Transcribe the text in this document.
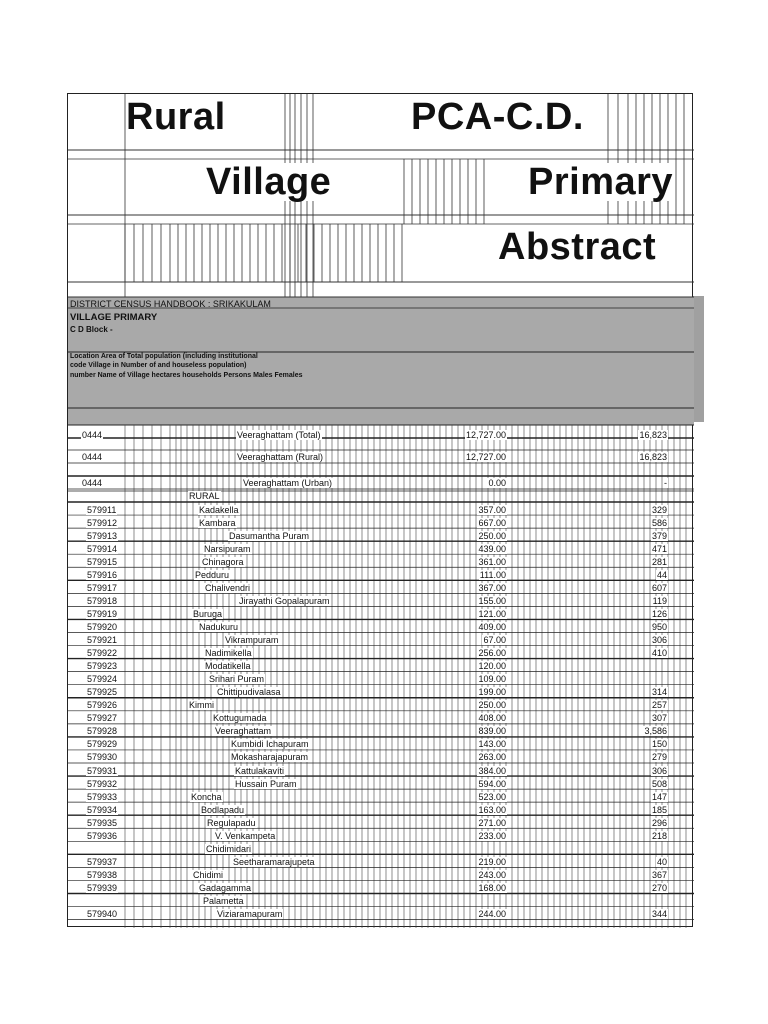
Rural	PCA-C.D.
Village	Primary
Abstract
DISTRICT CENSUS HANDBOOK : SRIKAKULAM
VILLAGE PRIMARY
C D Block -
Location Area of Total population (including institutional
code Village in Number of and houseless population)
number Name of Village hectares households Persons Males Females
0444	Veeraghattam (Total)	12,727.00	16,823
0444	Veeraghattam (Rural)	12,727.00	16,823
0444	Veeraghattam (Urban)	0.00	-
RURAL
579911	Kadakella	357.00	329
579912	Kambara	667.00	586
579913	Dasumantha Puram	250.00	379
579914	Narsipuram	439.00	471
579915	Chinagora	361.00	281
579916	Pedduru	111.00	44
579917	Chalivendri	367.00	607
579918	Jirayathi Gopalapuram	155.00	119
579919	Buruga	121.00	126
579920	Nadukuru	409.00	950
579921	Vikrampuram	67.00	306
579922	Nadimikella	256.00	410
579923	Modatikella	120.00
579924	Srihari Puram	109.00
579925	Chittipudivalasa	199.00	314
579926	Kimmi	250.00	257
579927	Kottugumada	408.00	307
579928	Veeraghattam	839.00	3,586
579929	Kumbidi Ichapuram	143.00	150
579930	Mokasharajapuram	263.00	279
579931	Kattulakavíti	384.00	306
579932	Hussain Puram	594.00	508
579933	Koncha	523.00	147
579934	Bodlapadu	163.00	185
579935	Regulapadu	271.00	296
579936	V. Venkampeta	233.00	218
Chidimidari
579937	Seetharamarajupeta	219.00	40
579938	Chidimi	243.00	367
579939	Gadagamma	168.00	270
Palametta
579940	Viziaramapuram	244.00	344
